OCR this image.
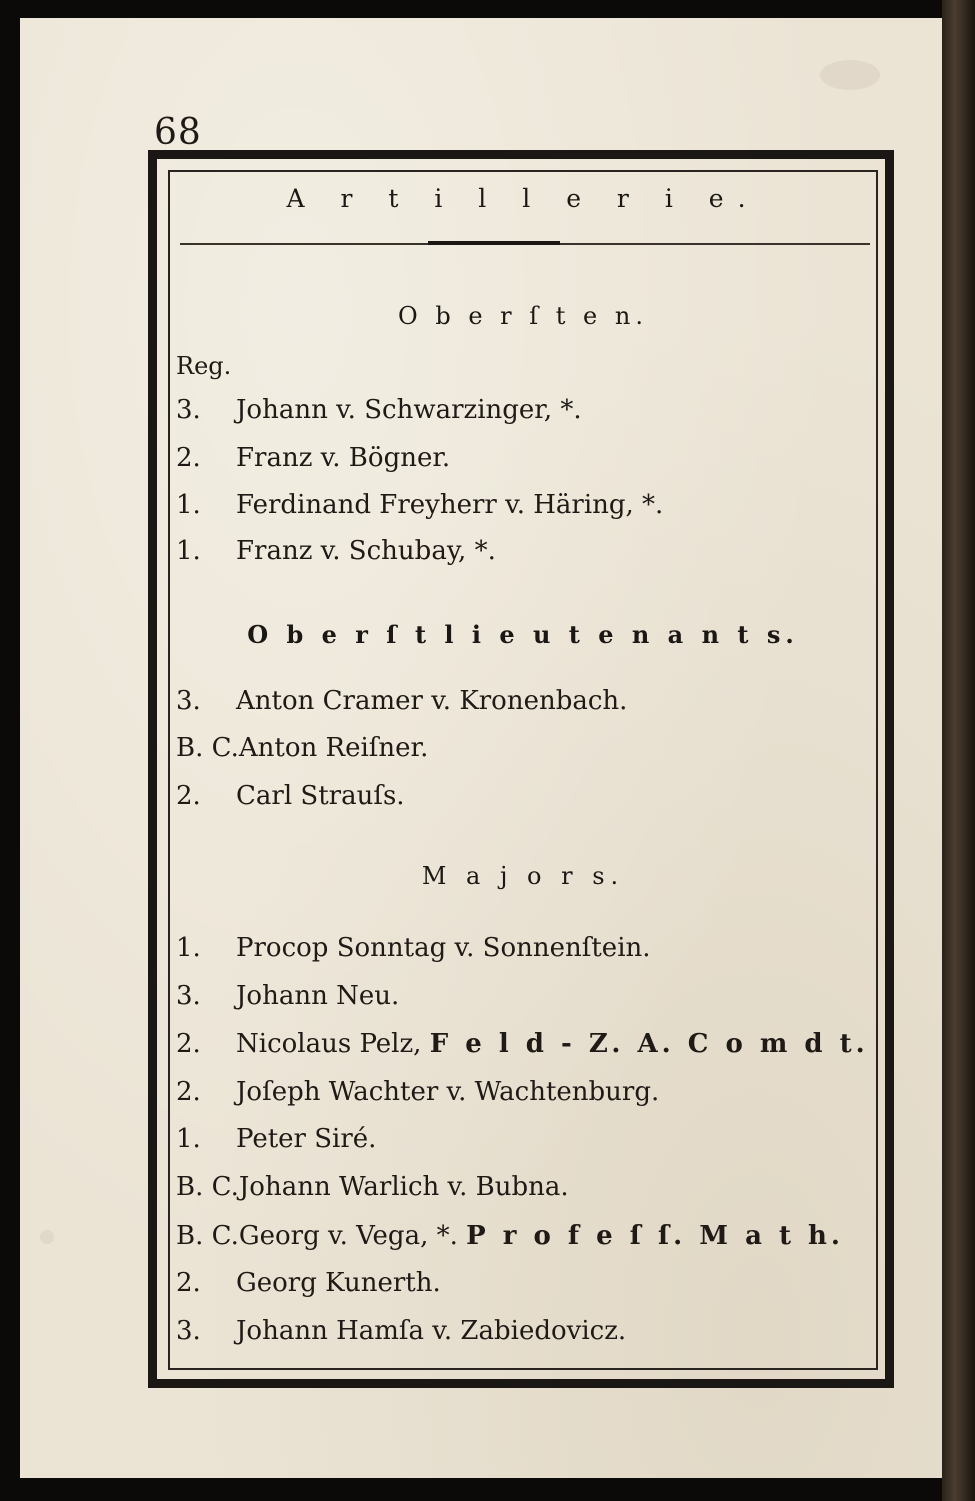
68
A r t i l l e r i e.
O b e r ſ t e n.
Reg.
3. Johann v. Schwarzinger, *.
2. Franz v. Bögner.
1. Ferdinand Freyherr v. Häring, *.
1. Franz v. Schubay, *.
O b e r ſ t l i e u t e n a n t s.
3. Anton Cramer v. Kronenbach.
B. C.Anton Reiſner.
2. Carl Strauſs.
M a j o r s.
1. Procop Sonntag v. Sonnenſtein.
3. Johann Neu.
2. Nicolaus Pelz, F e l d - Z. A. C o m d t.
2. Joſeph Wachter v. Wachtenburg.
1. Peter Siré.
B. C.Johann Warlich v. Bubna.
B. C.Georg v. Vega, *. P r o f e ſ ſ. M a t h.
2. Georg Kunerth.
3. Johann Hamſa v. Zabiedovicz.
